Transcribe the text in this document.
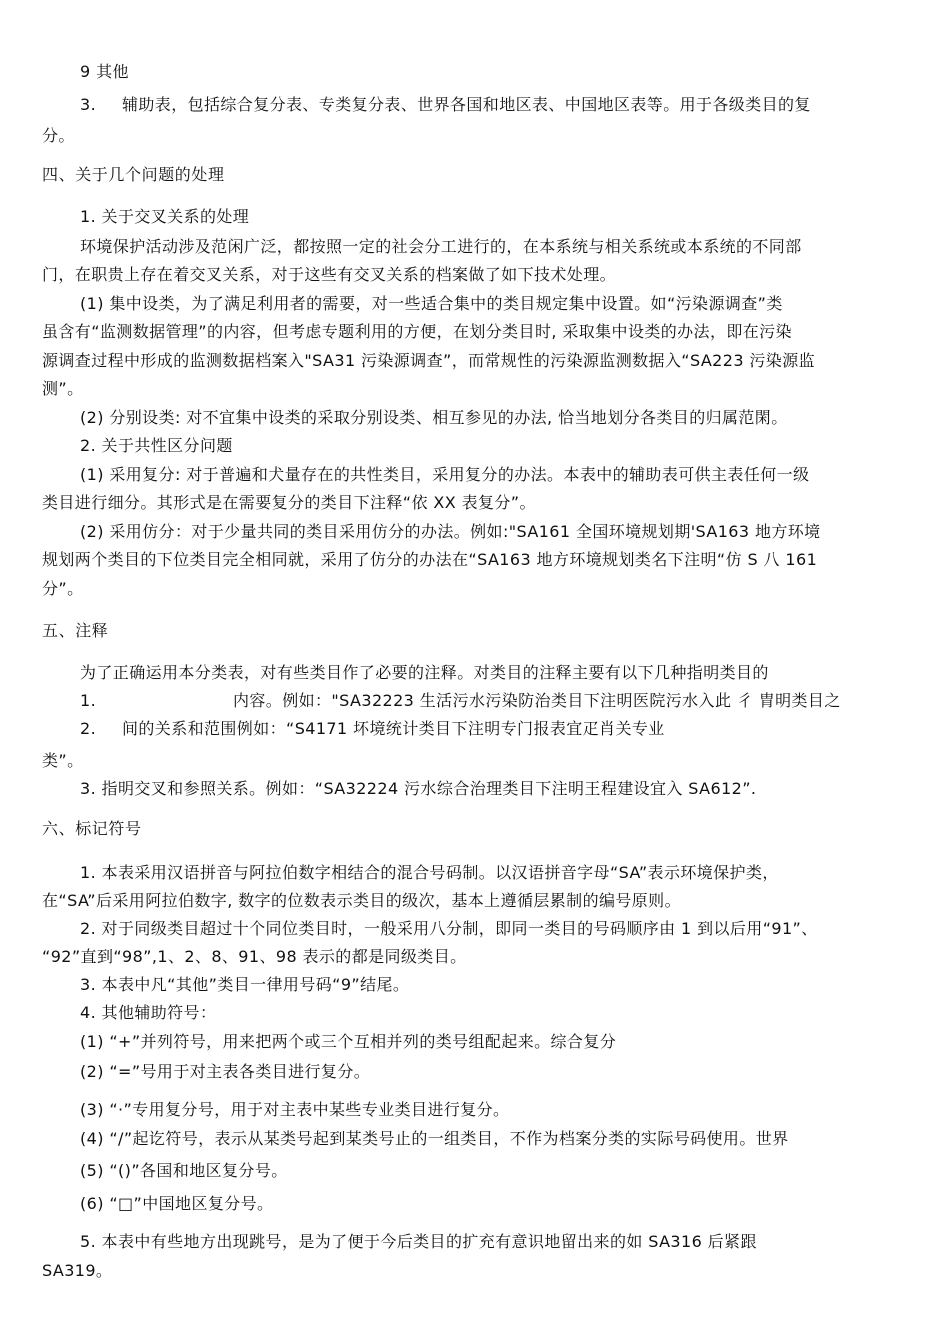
9 其他
3. 辅助表，包括综合复分表、专类复分表、世界各国和地区表、中国地区表等。用于各级类目的复
分。
四、关于几个问题的处理
1. 关于交叉关系的处理
环境保护活动涉及范闲广泛，都按照一定的社会分工进行的，在本系统与相关系统或本系统的不同部
门，在职贵上存在着交叉关系，对于这些有交叉关系的档案做了如下技术处理。
(1) 集中设类，为了满足利用者的需要，对一些适合集中的类目规定集中设置。如“污染源调查”类
虽含有“监测数据管理”的内容，但考虑专题利用的方便，在划分类目时, 采取集中设类的办法，即在污染
源调查过程中形成的监测数据档案入"SA31 污染源调查”，而常规性的污染源监测数据入“SA223 污染源监
测”。
(2) 分别设类: 对不宜集中设类的采取分别设类、相互参见的办法, 恰当地划分各类目的归属范閑。
2. 关于共性区分问题
(1) 采用复分: 对于普遍和犬量存在的共性类目，采用复分的办法。本表中的辅助表可供主表任何一级
类目进行细分。其形式是在需要复分的类目下注释“依 XX 表复分”。
(2) 采用仿分：对于少量共同的类目采用仿分的办法。例如:"SA161 全国环境规划期'SA163 地方环境
规划两个类目的下位类目完全相同就，采用了仿分的办法在“SA163 地方环境规划类名下注明“仿 S 八 161
分”。
五、注释
为了正确运用本分类表，对有些类目作了必要的注释。对类目的注释主要有以下几种指明类目的
1.	内容。例如："SA32223 生活污水污染防治类目下注明医院污水入此 彳 胄明类目之
2. 间的关系和范围例如：“S4171 坏境统计类目下注明专门报表宜疋肖关专业
类”。
3. 指明交叉和参照关系。例如：“SA32224 污水综合治理类目下注明王程建设宜入 SA612”.
六、标记符号
1. 本表采用汉语拼音与阿拉伯数字相结合的混合号码制。以汉语拼音字母“SA”表示环境保护类，
在“SA”后采用阿拉伯数字, 数字的位数表示类目的级次，基本上遵循层累制的编号原则。
2. 对于同级类目超过十个同位类目时，一般采用八分制，即同一类目的号码顺序由 1 到以后用“91”、
“92”直到“98”,1、2、8、91、98 表示的都是同级类目。
3. 本表中凡“其他”类目一律用号码“9”结尾。
4. 其他辅助符号：
(1) “+”并列符号，用来把两个或三个互相并列的类号组配起来。综合复分
(2) “=”号用于对主表各类目进行复分。
(3) “·”专用复分号，用于对主表中某些专业类目进行复分。
(4) “/”起讫符号，表示从某类号起到某类号止的一组类目，不作为档案分类的实际号码使用。世界
(5) “()”各国和地区复分号。
(6) “□”中国地区复分号。
5. 本表中有些地方出现跳号，是为了便于今后类目的扩充有意识地留出来的如 SA316 后紧跟
SA319。
